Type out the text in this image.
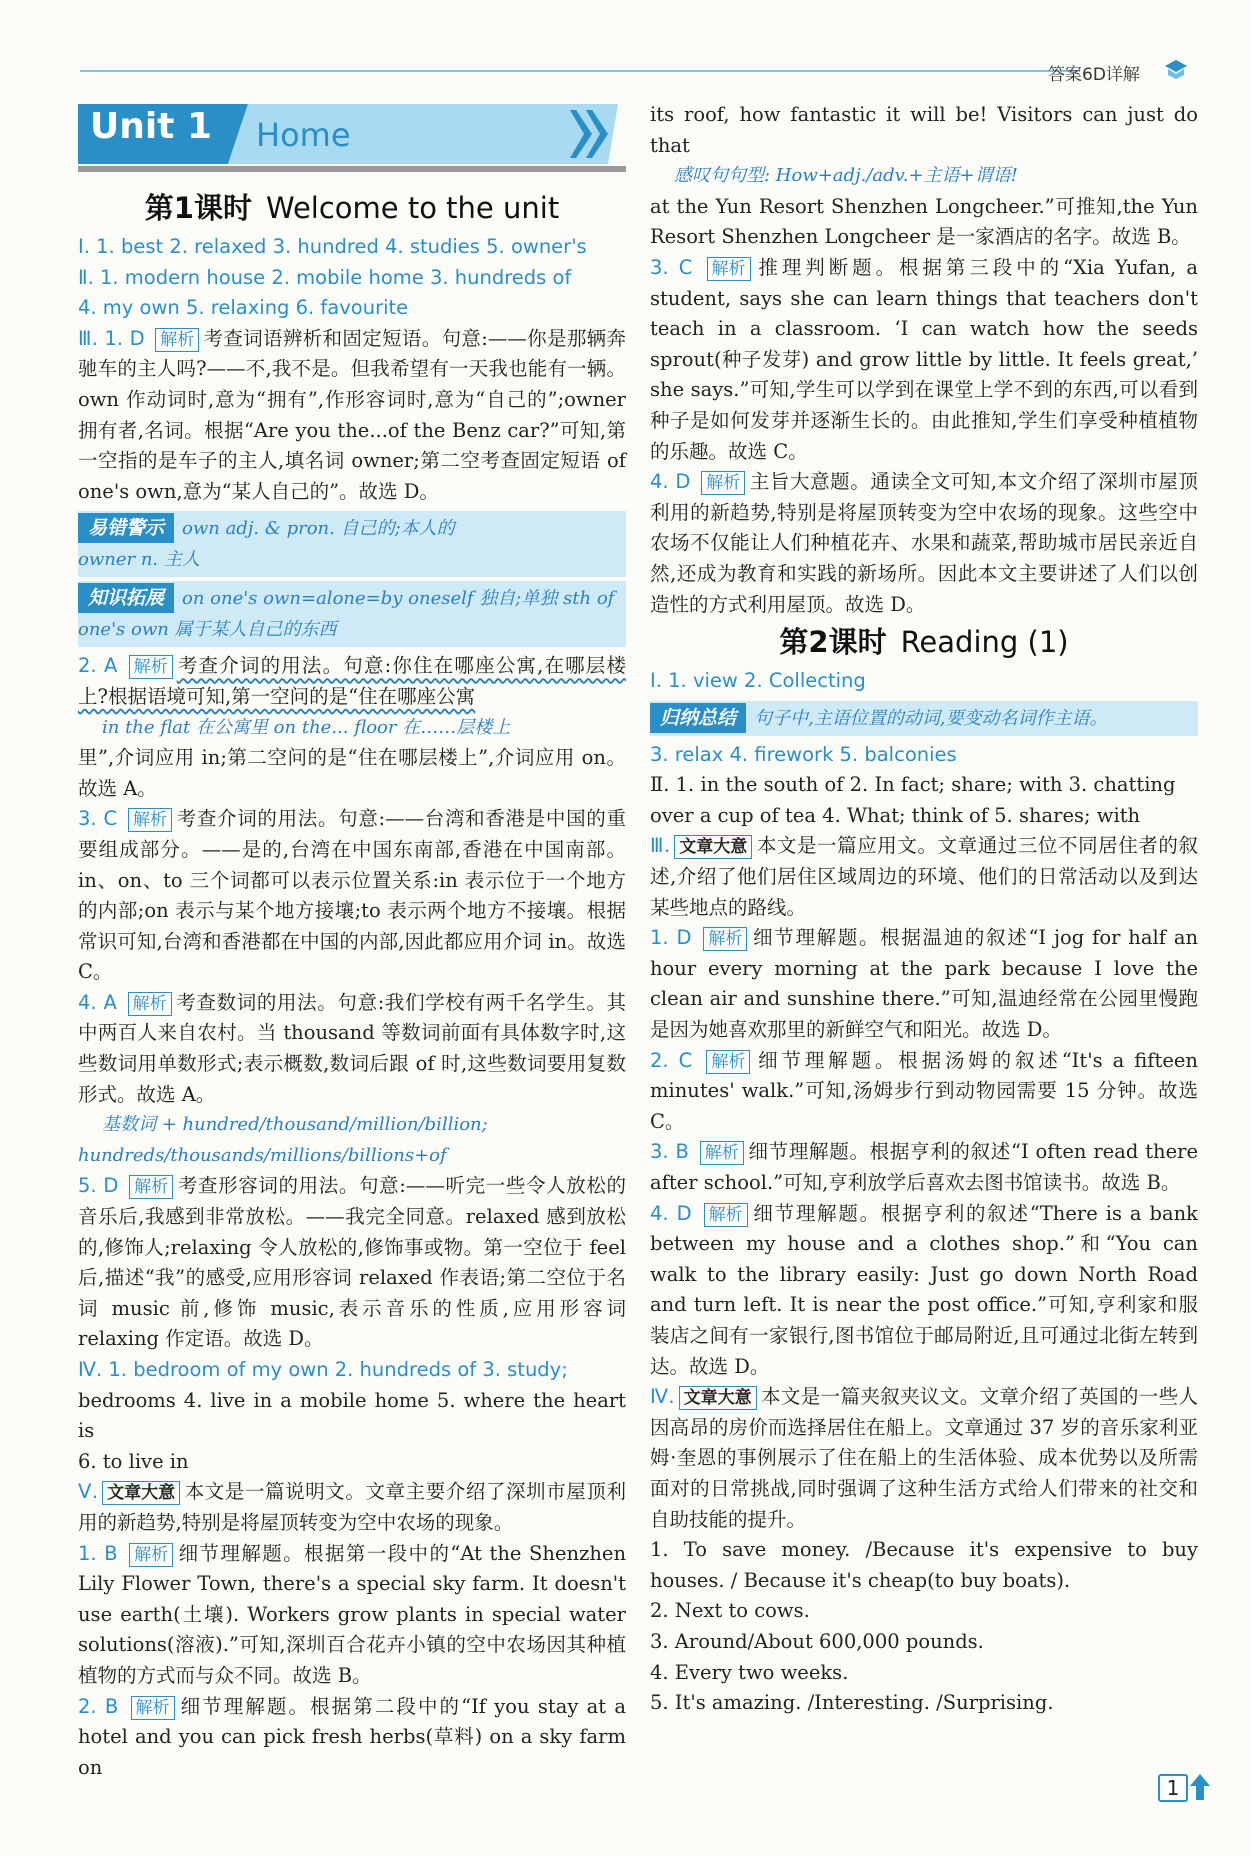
答案6D详解
Unit 1 Home
第1课时 Welcome to the unit

Ⅰ. 1. best 2. relaxed 3. hundred 4. studies 5. owner's

Ⅱ. 1. modern house 2. mobile home 3. hundreds of

4. my own 5. relaxing 6. favourite

Ⅲ. 1. D 解析 考查词语辨析和固定短语。句意:——你是那辆奔驰车的主人吗?——不,我不是。但我希望有一天我也能有一辆。own 作动词时,意为“拥有”,作形容词时,意为“自己的”;owner 拥有者,名词。根据“Are you the...of the Benz car?”可知,第一空指的是车子的主人,填名词 owner;第二空考查固定短语 of one's own,意为“某人自己的”。故选 D。

易错警示 own adj. & pron. 自己的;本人的
owner n. 主人
知识拓展 on one's own=alone=by oneself 独自;单独 sth of one's own 属于某人自己的东西

2. A 解析 考查介词的用法。句意:你住在哪座公寓,在哪层楼上?根据语境可知,第一空问的是“住在哪座公寓

in the flat 在公寓里 on the... floor 在……层楼上

里”,介词应用 in;第二空问的是“住在哪层楼上”,介词应用 on。故选 A。

3. C 解析 考查介词的用法。句意:——台湾和香港是中国的重要组成部分。——是的,台湾在中国东南部,香港在中国南部。in、on、to 三个词都可以表示位置关系:in 表示位于一个地方的内部;on 表示与某个地方接壤;to 表示两个地方不接壤。根据常识可知,台湾和香港都在中国的内部,因此都应用介词 in。故选 C。

4. A 解析 考查数词的用法。句意:我们学校有两千名学生。其中两百人来自农村。当 thousand 等数词前面有具体数字时,这些数词用单数形式;表示概数,数词后跟 of 时,这些数词要用复数形式。故选 A。

基数词 + hundred/thousand/million/billion;

hundreds/thousands/millions/billions+of

5. D 解析 考查形容词的用法。句意:——听完一些令人放松的音乐后,我感到非常放松。——我完全同意。relaxed 感到放松的,修饰人;relaxing 令人放松的,修饰事或物。第一空位于 feel 后,描述“我”的感受,应用形容词 relaxed 作表语;第二空位于名词 music 前,修饰 music,表示音乐的性质,应用形容词 relaxing 作定语。故选 D。

Ⅳ. 1. bedroom of my own 2. hundreds of 3. study;

bedrooms 4. live in a mobile home 5. where the heart is

6. to live in

Ⅴ. 文章大意 本文是一篇说明文。文章主要介绍了深圳市屋顶利用的新趋势,特别是将屋顶转变为空中农场的现象。

1. B 解析 细节理解题。根据第一段中的“At the Shenzhen Lily Flower Town, there's a special sky farm. It doesn't use earth(土壤). Workers grow plants in special water solutions(溶液).”可知,深圳百合花卉小镇的空中农场因其种植植物的方式而与众不同。故选 B。

2. B 解析 细节理解题。根据第二段中的“If you stay at a hotel and you can pick fresh herbs(草料) on a sky farm on

its roof, how fantastic it will be! Visitors can just do that

感叹句句型: How+adj./adv.+主语+谓语!

at the Yun Resort Shenzhen Longcheer.”可推知,the Yun Resort Shenzhen Longcheer 是一家酒店的名字。故选 B。

3. C 解析 推理判断题。根据第三段中的“Xia Yufan, a student, says she can learn things that teachers don't teach in a classroom. ‘I can watch how the seeds sprout(种子发芽) and grow little by little. It feels great,’ she says.”可知,学生可以学到在课堂上学不到的东西,可以看到种子是如何发芽并逐渐生长的。由此推知,学生们享受种植植物的乐趣。故选 C。

4. D 解析 主旨大意题。通读全文可知,本文介绍了深圳市屋顶利用的新趋势,特别是将屋顶转变为空中农场的现象。这些空中农场不仅能让人们种植花卉、水果和蔬菜,帮助城市居民亲近自然,还成为教育和实践的新场所。因此本文主要讲述了人们以创造性的方式利用屋顶。故选 D。

第2课时 Reading (1)

Ⅰ. 1. view 2. Collecting

归纳总结 句子中,主语位置的动词,要变动名词作主语。

3. relax 4. firework 5. balconies

Ⅱ. 1. in the south of 2. In fact; share; with 3. chatting

over a cup of tea 4. What; think of 5. shares; with

Ⅲ. 文章大意 本文是一篇应用文。文章通过三位不同居住者的叙述,介绍了他们居住区域周边的环境、他们的日常活动以及到达某些地点的路线。

1. D 解析 细节理解题。根据温迪的叙述“I jog for half an hour every morning at the park because I love the clean air and sunshine there.”可知,温迪经常在公园里慢跑是因为她喜欢那里的新鲜空气和阳光。故选 D。

2. C 解析 细节理解题。根据汤姆的叙述“It's a fifteen minutes' walk.”可知,汤姆步行到动物园需要 15 分钟。故选 C。

3. B 解析 细节理解题。根据亨利的叙述“I often read there after school.”可知,亨利放学后喜欢去图书馆读书。故选 B。

4. D 解析 细节理解题。根据亨利的叙述“There is a bank between my house and a clothes shop.”和“You can walk to the library easily: Just go down North Road and turn left. It is near the post office.”可知,亨利家和服装店之间有一家银行,图书馆位于邮局附近,且可通过北街左转到达。故选 D。

Ⅳ. 文章大意 本文是一篇夹叙夹议文。文章介绍了英国的一些人因高昂的房价而选择居住在船上。文章通过 37 岁的音乐家利亚姆·奎恩的事例展示了住在船上的生活体验、成本优势以及所需面对的日常挑战,同时强调了这种生活方式给人们带来的社交和自助技能的提升。

1. To save money. /Because it's expensive to buy houses. / Because it's cheap(to buy boats).

2. Next to cows.

3. Around/About 600,000 pounds.

4. Every two weeks.

5. It's amazing. /Interesting. /Surprising.

1
